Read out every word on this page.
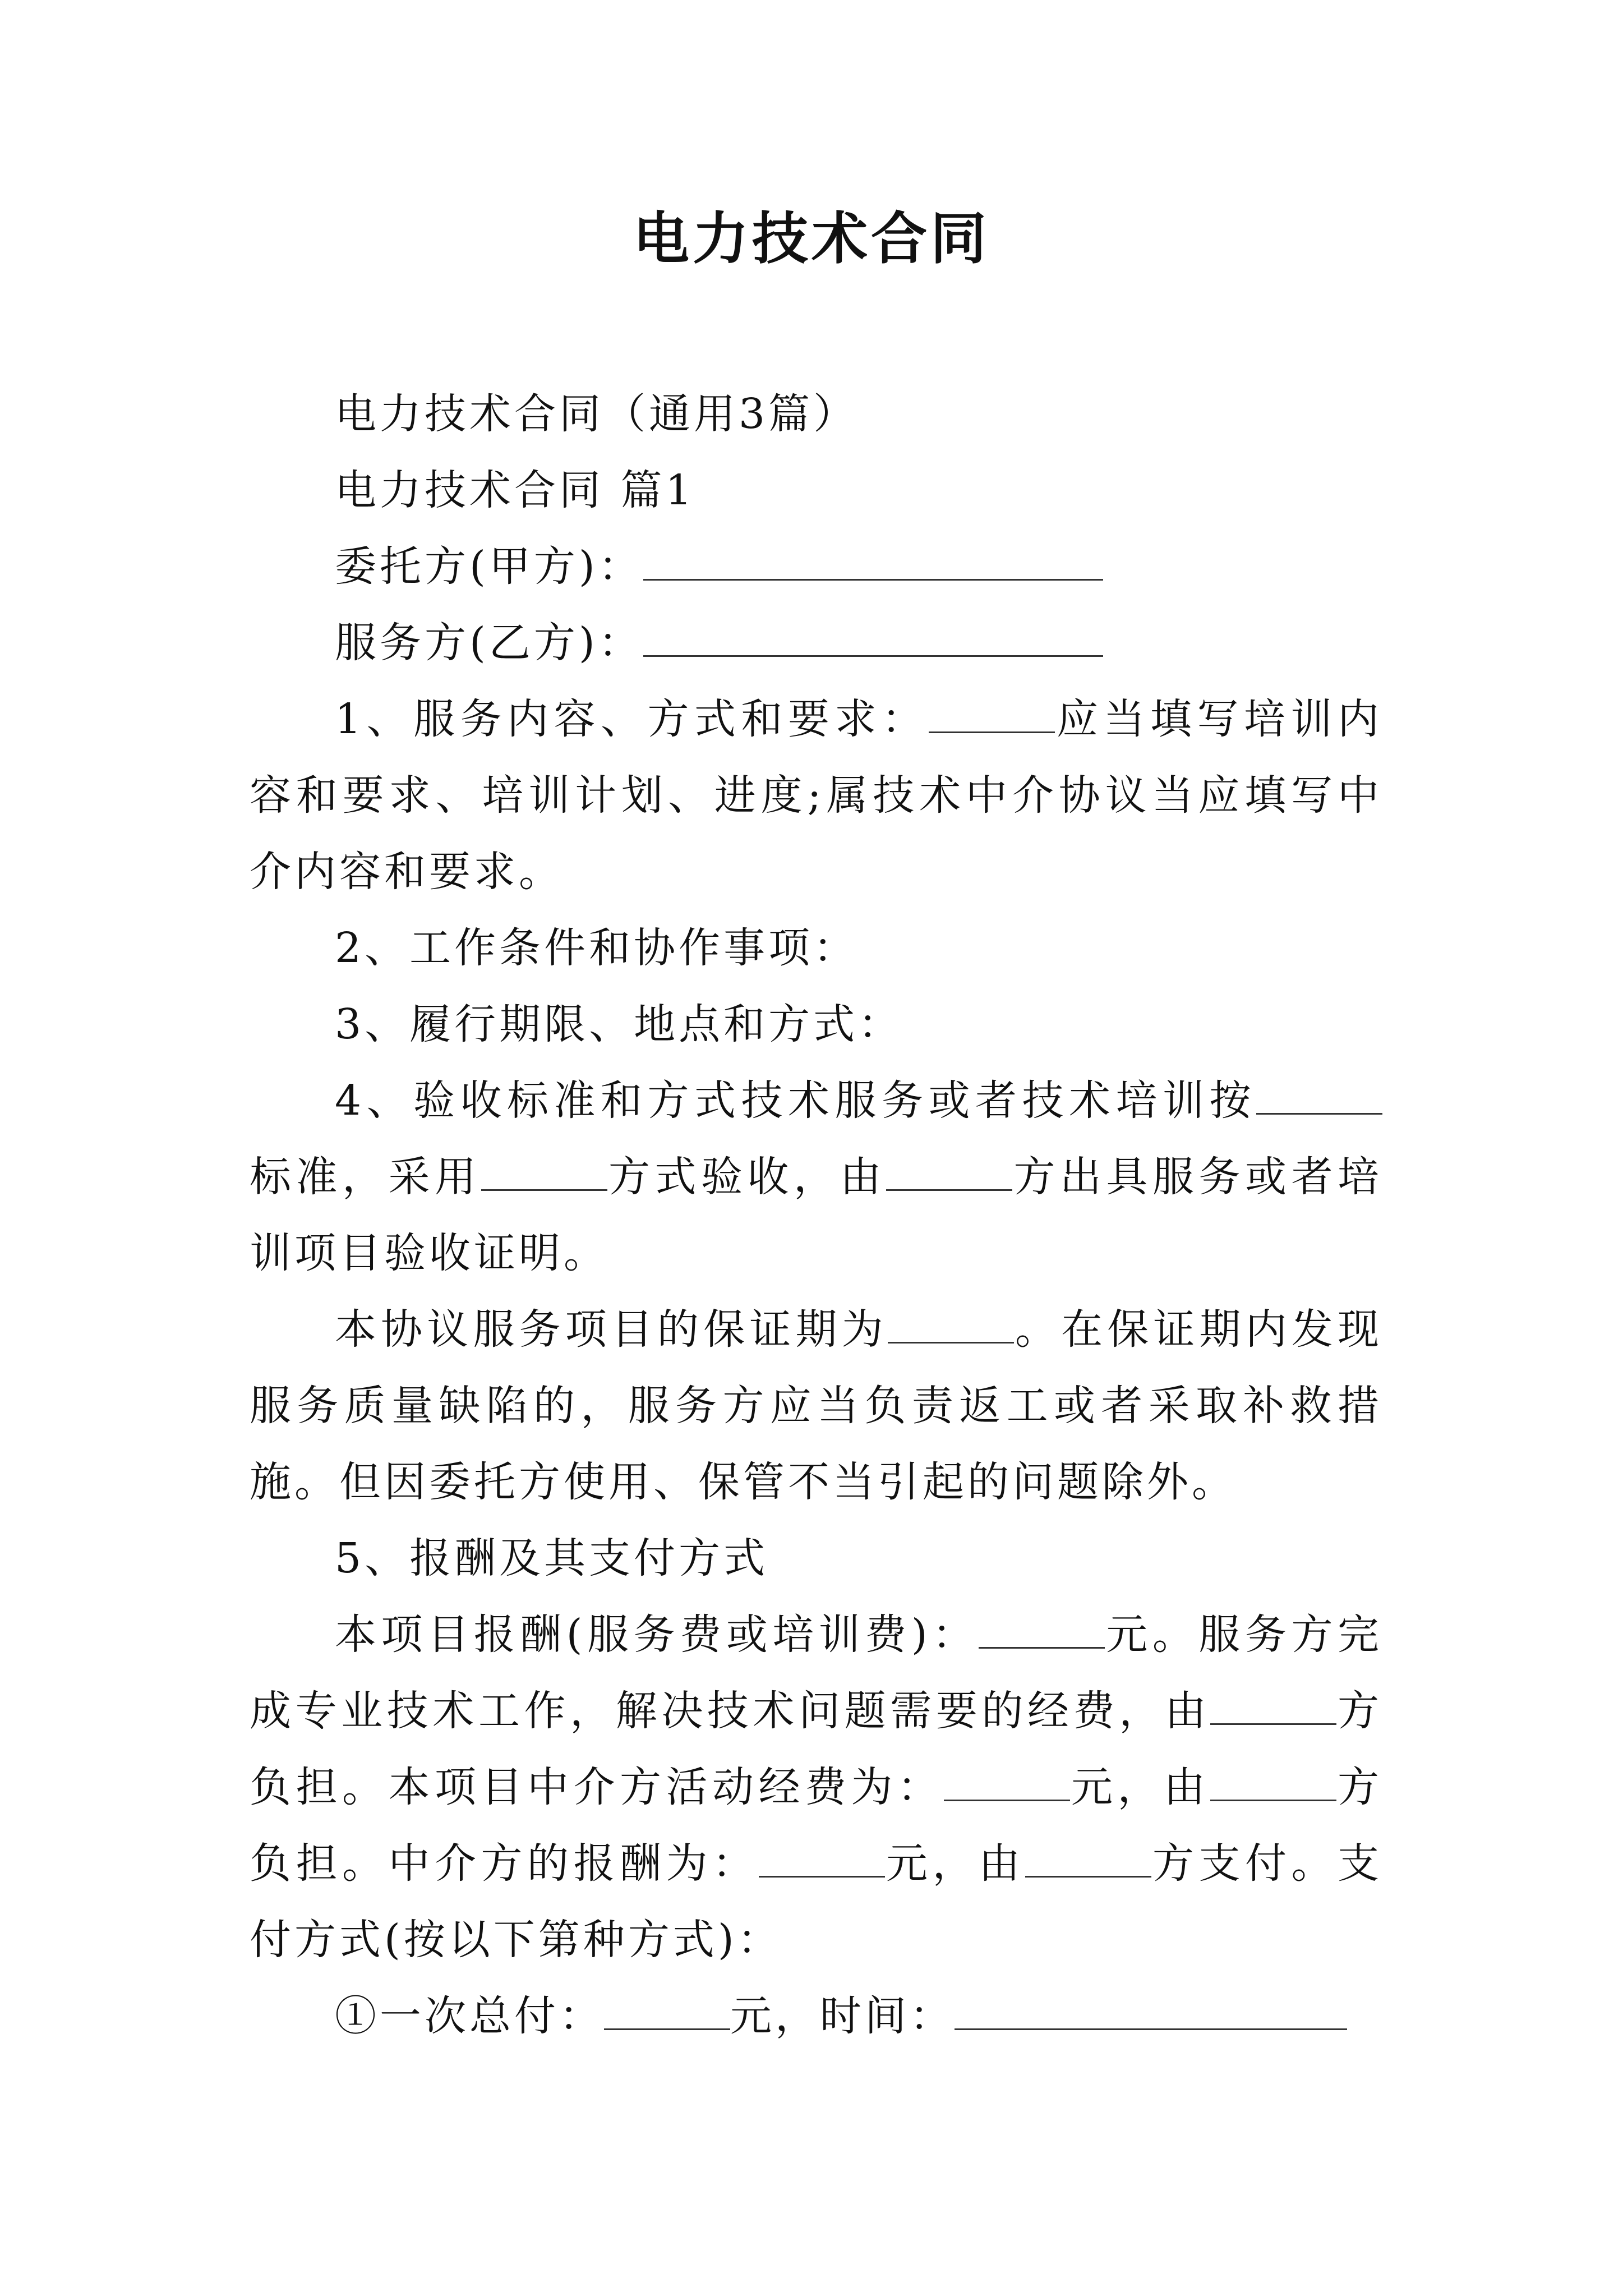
电力技术合同

电力技术合同（通用3篇）

电力技术合同 篇1

委托方(甲方)：

服务方(乙方)：

1、服务内容、方式和要求：	应当填写培训内容和要求、培训计划、进度;属技术中介协议当应填写中介内容和要求。

2、工作条件和协作事项：

3、履行期限、地点和方式：

4、验收标准和方式技术服务或者技术培训按标准，采用	方式验收，由	方出具服务或者培训项目验收证明。

本协议服务项目的保证期为	。在保证期内发现服务质量缺陷的，服务方应当负责返工或者采取补救措施。但因委托方使用、保管不当引起的问题除外。

5、报酬及其支付方式

本项目报酬(服务费或培训费)：	元。服务方完成专业技术工作，解决技术问题需要的经费，由	方负担。本项目中介方活动经费为：	元，由	方负担。中介方的报酬为：	元，由	方支付。支付方式(按以下第种方式)：

①一次总付：	元，时间：
